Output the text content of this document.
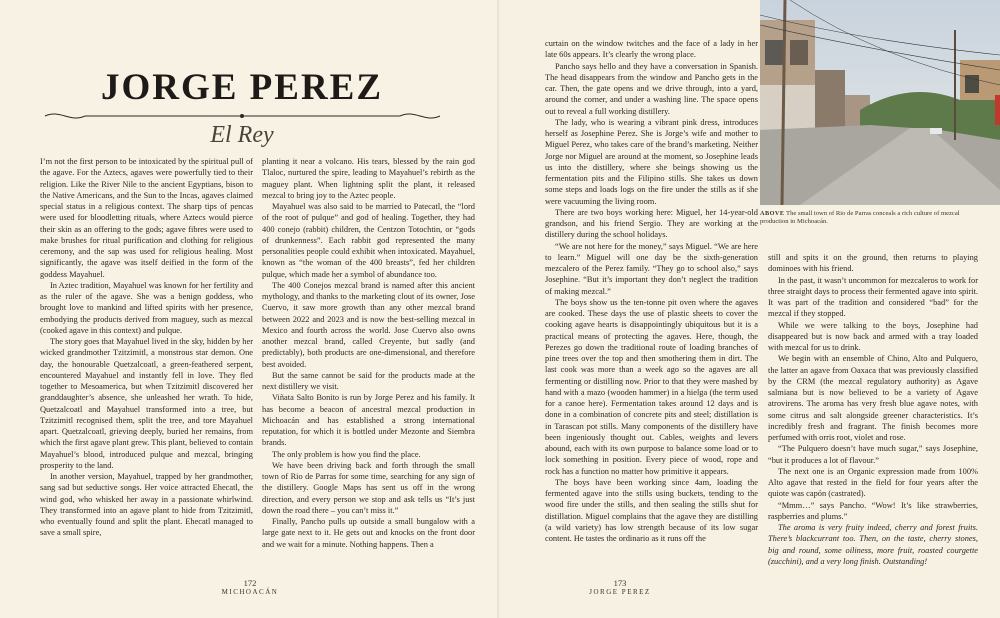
JORGE PEREZ
El Rey

I’m not the first person to be intoxicated by the spiritual pull of the agave. For the Aztecs, agaves were powerfully tied to their religion. Like the River Nile to the ancient Egyptians, bison to the Native Americans, and the Sun to the Incas, agaves claimed special status in a religious context. The sharp tips of pencas were used for bloodletting rituals, where Aztecs would pierce their skin as an offering to the gods; agave fibres were used to make brushes for ritual purification and clothing for religious ceremony, and the sap was used for religious healing. Most significantly, the agave was itself deified in the form of the goddess Mayahuel.

In Aztec tradition, Mayahuel was known for her fertility and as the ruler of the agave. She was a benign goddess, who brought love to mankind and lifted spirits with her presence, embodying the products derived from maguey, such as mezcal (cooked agave in this context) and pulque.

The story goes that Mayahuel lived in the sky, hidden by her wicked grandmother Tzitzimitl, a monstrous star demon. One day, the honourable Quetzalcoatl, a green-feathered serpent, encountered Mayahuel and instantly fell in love. They fled together to Mesoamerica, but when Tzitzimitl discovered her granddaughter’s absence, she unleashed her wrath. To hide, Quetzalcoatl and Mayahuel transformed into a tree, but Tzitzimitl recognised them, split the tree, and tore Mayahuel apart. Quetzalcoatl, grieving deeply, buried her remains, from which the first agave plant grew. This plant, believed to contain Mayahuel’s blood, introduced pulque and mezcal, bringing prosperity to the land.

In another version, Mayahuel, trapped by her grandmother, sang sad but seductive songs. Her voice attracted Ehecatl, the wind god, who whisked her away in a passionate whirlwind. They transformed into an agave plant to hide from Tzitzimitl, who eventually found and split the plant. Ehecatl managed to save a small spire,

planting it near a volcano. His tears, blessed by the rain god Tlaloc, nurtured the spire, leading to Mayahuel’s rebirth as the maguey plant. When lightning split the plant, it released mezcal to bring joy to the Aztec people.

Mayahuel was also said to be married to Patecatl, the “lord of the root of pulque” and god of healing. Together, they had 400 conejo (rabbit) children, the Centzon Totochtin, or “gods of drunkenness”. Each rabbit god represented the many personalities people could exhibit when intoxicated. Mayahuel, known as “the woman of the 400 breasts”, fed her children pulque, which made her a symbol of abundance too.

The 400 Conejos mezcal brand is named after this ancient mythology, and thanks to the marketing clout of its owner, Jose Cuervo, it saw more growth than any other mezcal brand between 2022 and 2023 and is now the best-selling mezcal in Mexico and fourth across the world. Jose Cuervo also owns another mezcal brand, called Creyente, but sadly (and predictably), both products are one-dimensional, and therefore best avoided.

But the same cannot be said for the products made at the next distillery we visit.

Viñata Salto Bonito is run by Jorge Perez and his family. It has become a beacon of ancestral mezcal production in Michoacán and has established a strong international reputation, for which it is bottled under Mezonte and Siembra brands.

The only problem is how you find the place.

We have been driving back and forth through the small town of Rio de Parras for some time, searching for any sign of the distillery. Google Maps has sent us off in the wrong direction, and every person we stop and ask tells us “It’s just down the road there – you can’t miss it.”

Finally, Pancho pulls up outside a small bungalow with a large gate next to it. He gets out and knocks on the front door and we wait for a minute. Nothing happens. Then a

172
MICHOACÁN

curtain on the window twitches and the face of a lady in her late 60s appears. It’s clearly the wrong place.

Pancho says hello and they have a conversation in Spanish. The head disappears from the window and Pancho gets in the car. Then, the gate opens and we drive through, into a yard, around the corner, and under a washing line. The space opens out to reveal a full working distillery.

The lady, who is wearing a vibrant pink dress, introduces herself as Josephine Perez. She is Jorge’s wife and mother to Miguel Perez, who takes care of the brand’s marketing. Neither Jorge nor Miguel are around at the moment, so Josephine leads us into the distillery, where she beings showing us the fermentation pits and the Filipino stills. She takes us down some steps and loads logs on the fire under the stills as if she were vacuuming the living room.

There are two boys working here: Miguel, her 14-year-old grandson, and his friend Sergio. They are working at the distillery during the school holidays.

“We are not here for the money,” says Miguel. “We are here to learn.” Miguel will one day be the sixth-generation mezcalero of the Perez family. “They go to school also,” says Josephine. “But it’s important they don’t neglect the tradition of making mezcal.”

The boys show us the ten-tonne pit oven where the agaves are cooked. These days the use of plastic sheets to cover the cooking agave hearts is disappointingly ubiquitous but it is a practical means of protecting the agaves. Here, though, the Perezes go down the traditional route of loading branches of pine trees over the top and then smothering them in dirt. The last cook was more than a week ago so the agaves are all fermenting or distilling now. Prior to that they were mashed by hand with a mazo (wooden hammer) in a hielga (the term used for a canoe here). Fermentation takes around 12 days and is done in a combination of concrete pits and steel; distillation is in Tarascan pot stills. Many components of the distillery have been ingeniously thought out. Cables, weights and levers abound, each with its own purpose to balance some load or to lock something in position. Every piece of wood, rope and rock has a function no matter how primitive it appears.

The boys have been working since 4am, loading the fermented agave into the stills using buckets, tending to the wood fire under the stills, and then sealing the stills shut for distillation. Miguel complains that the agave they are distilling (a wild variety) has low strength because of its low sugar content. He tastes the ordinario as it runs off the

ABOVE The small town of Rio de Parras conceals a rich culture of mezcal production in Michoacán.

still and spits it on the ground, then returns to playing dominoes with his friend.

In the past, it wasn’t uncommon for mezcaleros to work for three straight days to process their fermented agave into spirit. It was part of the tradition and considered “bad” for the mezcal if they stopped.

While we were talking to the boys, Josephine had disappeared but is now back and armed with a tray loaded with mezcal for us to drink.

We begin with an ensemble of Chino, Alto and Pulquero, the latter an agave from Oaxaca that was previously classified by the CRM (the mezcal regulatory authority) as Agave salmiana but is now believed to be a variety of Agave atrovirens. The aroma has very fresh blue agave notes, with some citrus and salt alongside greener characteristics. It’s incredibly fresh and fragrant. The finish becomes more perfumed with orris root, violet and rose.

“The Pulquero doesn’t have much sugar,” says Josephine, “but it produces a lot of flavour.”

The next one is an Organic expression made from 100% Alto agave that rested in the field for four years after the quiote was capón (castrated).

“Mmm…” says Pancho. “Wow! It’s like strawberries, raspberries and plums.”

The aroma is very fruity indeed, cherry and forest fruits. There’s blackcurrant too. Then, on the taste, cherry stones, big and round, some oiliness, more fruit, roasted courgette (zucchini), and a very long finish. Outstanding!

173
JORGE PEREZ
